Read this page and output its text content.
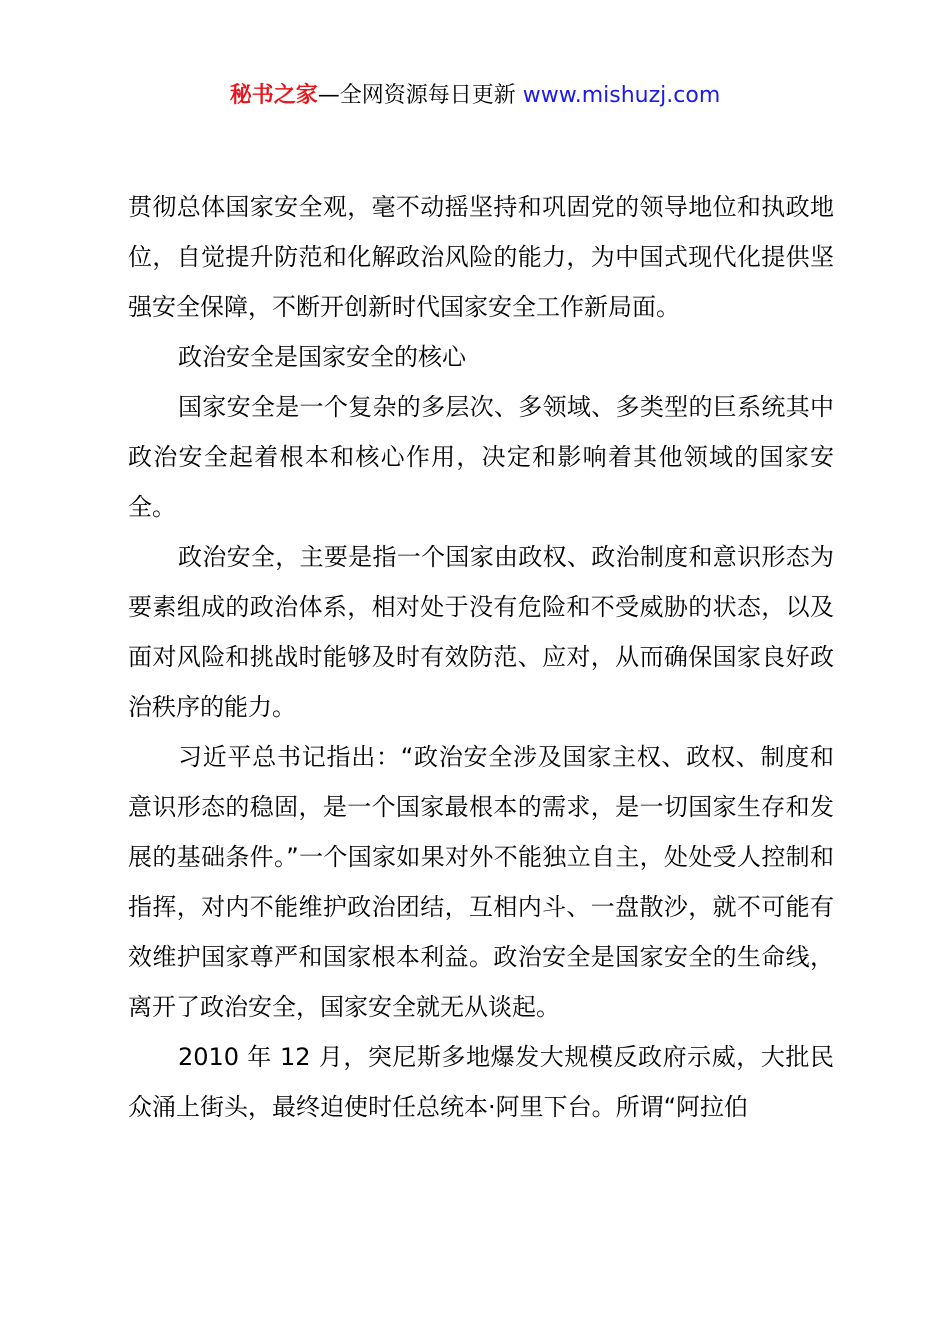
秘书之家—全网资源每日更新 www.mishuzj.com

贯彻总体国家安全观，毫不动摇坚持和巩固党的领导地位和执政地位，自觉提升防范和化解政治风险的能力，为中国式现代化提供坚强安全保障，不断开创新时代国家安全工作新局面。

政治安全是国家安全的核心

国家安全是一个复杂的多层次、多领域、多类型的巨系统其中政治安全起着根本和核心作用，决定和影响着其他领域的国家安全。

政治安全，主要是指一个国家由政权、政治制度和意识形态为要素组成的政治体系，相对处于没有危险和不受威胁的状态，以及面对风险和挑战时能够及时有效防范、应对，从而确保国家良好政治秩序的能力。

习近平总书记指出：“政治安全涉及国家主权、政权、制度和意识形态的稳固，是一个国家最根本的需求，是一切国家生存和发展的基础条件。”一个国家如果对外不能独立自主，处处受人控制和指挥，对内不能维护政治团结，互相内斗、一盘散沙，就不可能有效维护国家尊严和国家根本利益。政治安全是国家安全的生命线，离开了政治安全，国家安全就无从谈起。

2010 年 12 月，突尼斯多地爆发大规模反政府示威，大批民众涌上街头，最终迫使时任总统本·阿里下台。所谓“阿拉伯
